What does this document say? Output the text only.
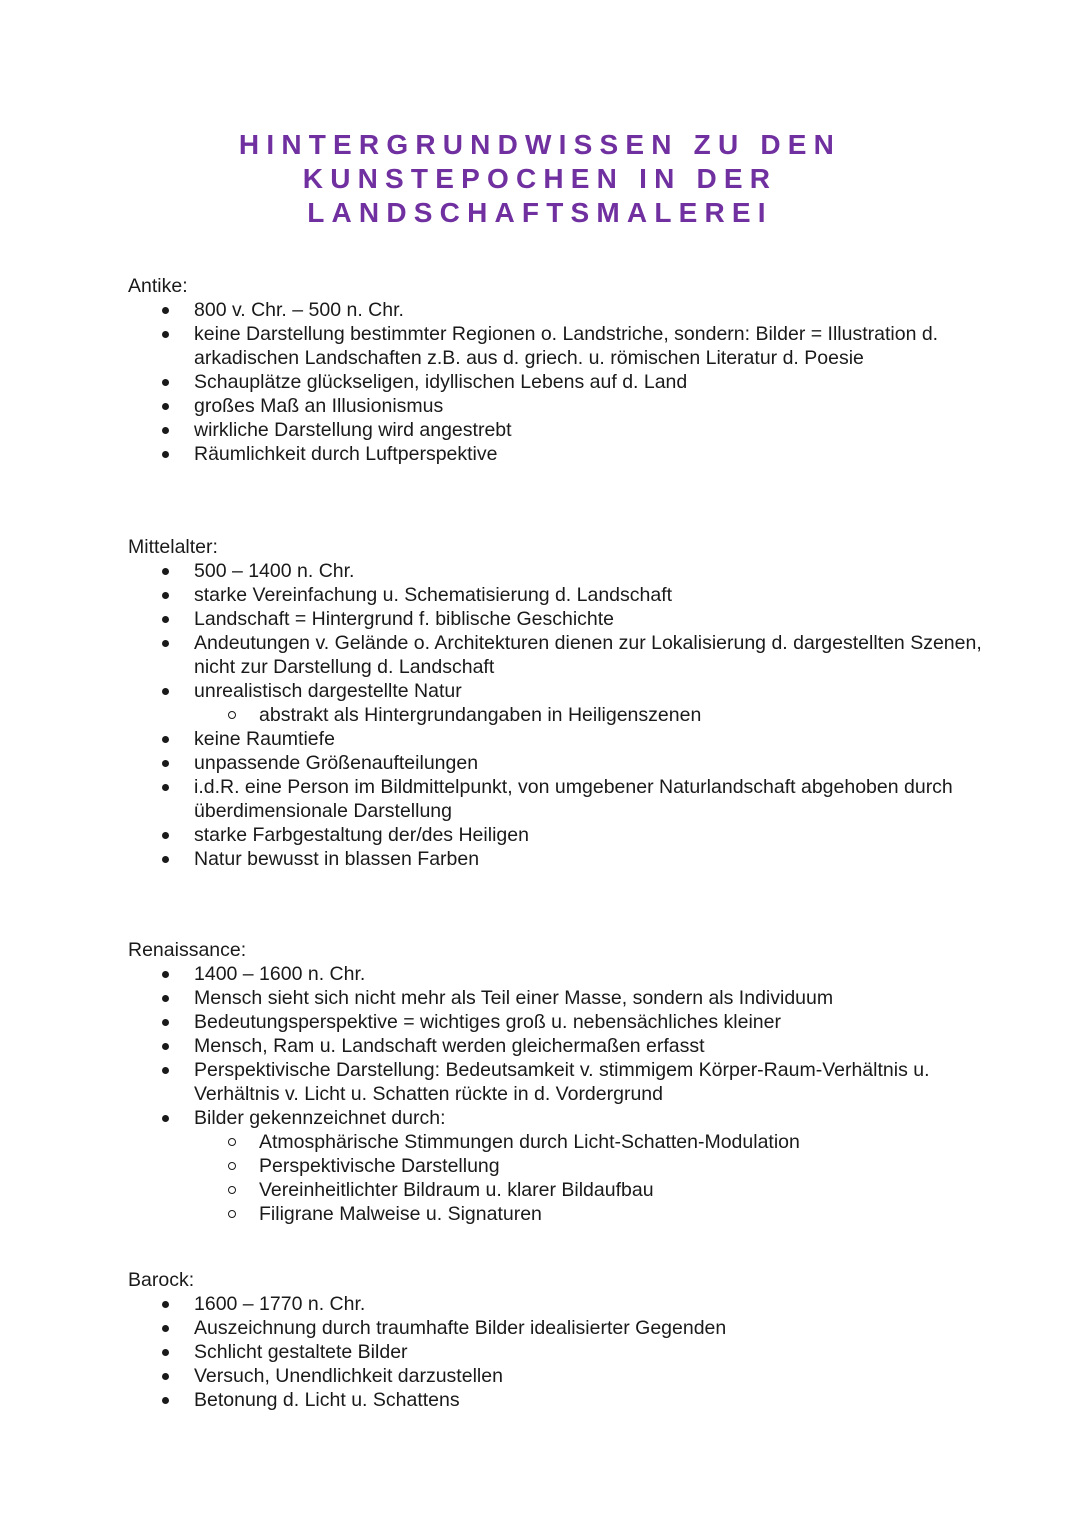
HINTERGRUNDWISSEN ZU DEN
KUNSTEPOCHEN IN DER
LANDSCHAFTSMALEREI
Antike:
800 v. Chr. – 500 n. Chr.
keine Darstellung bestimmter Regionen o. Landstriche, sondern: Bilder = Illustration d. arkadischen Landschaften z.B. aus d. griech. u. römischen Literatur d. Poesie
Schauplätze glückseligen, idyllischen Lebens auf d. Land
großes Maß an Illusionismus
wirkliche Darstellung wird angestrebt
Räumlichkeit durch Luftperspektive
Mittelalter:
500 – 1400 n. Chr.
starke Vereinfachung u. Schematisierung d. Landschaft
Landschaft = Hintergrund f. biblische Geschichte
Andeutungen v. Gelände o. Architekturen dienen zur Lokalisierung d. dargestellten Szenen, nicht zur Darstellung d. Landschaft
unrealistisch dargestellte Natur
abstrakt als Hintergrundangaben in Heiligenszenen
keine Raumtiefe
unpassende Größenaufteilungen
i.d.R. eine Person im Bildmittelpunkt, von umgebener Naturlandschaft abgehoben durch überdimensionale Darstellung
starke Farbgestaltung der/des Heiligen
Natur bewusst in blassen Farben
Renaissance:
1400 – 1600 n. Chr.
Mensch sieht sich nicht mehr als Teil einer Masse, sondern als Individuum
Bedeutungsperspektive = wichtiges groß u. nebensächliches kleiner
Mensch, Ram u. Landschaft werden gleichermaßen erfasst
Perspektivische Darstellung: Bedeutsamkeit v. stimmigem Körper-Raum-Verhältnis u. Verhältnis v. Licht u. Schatten rückte in d. Vordergrund
Bilder gekennzeichnet durch:
Atmosphärische Stimmungen durch Licht-Schatten-Modulation
Perspektivische Darstellung
Vereinheitlichter Bildraum u. klarer Bildaufbau
Filigrane Malweise u. Signaturen
Barock:
1600 – 1770 n. Chr.
Auszeichnung durch traumhafte Bilder idealisierter Gegenden
Schlicht gestaltete Bilder
Versuch, Unendlichkeit darzustellen
Betonung d. Licht u. Schattens
